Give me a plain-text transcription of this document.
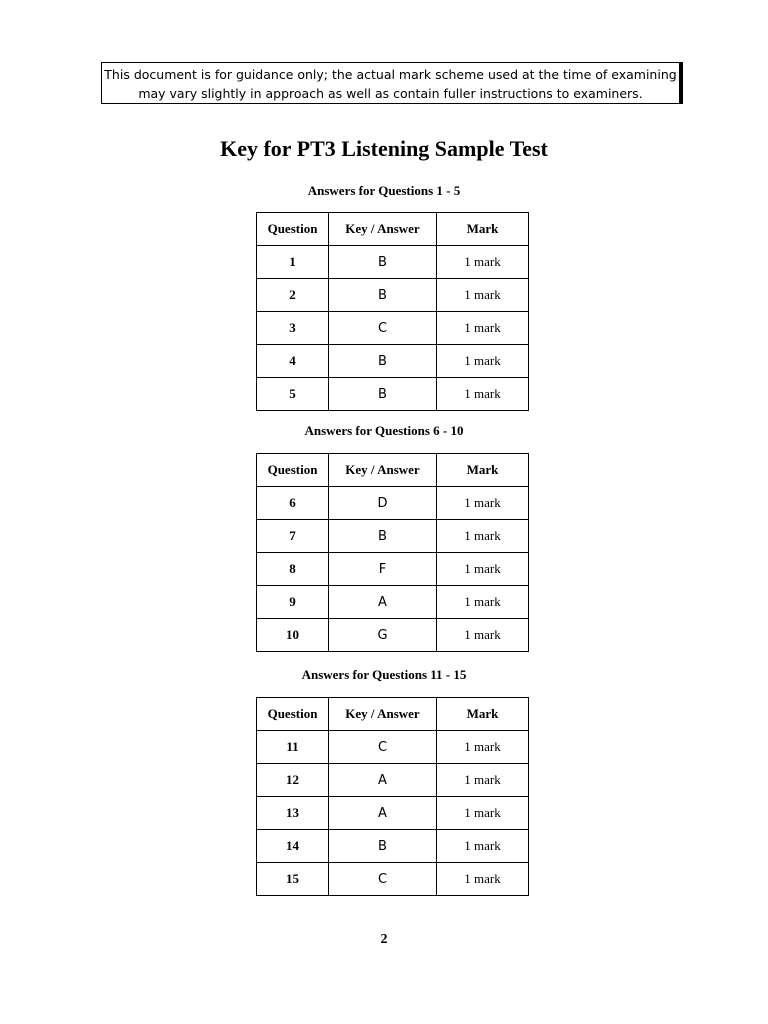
This document is for guidance only; the actual mark scheme used at the time of examining
may vary slightly in approach as well as contain fuller instructions to examiners.
Key for PT3 Listening Sample Test
Answers for Questions 1 - 5
Question	Key / Answer	Mark
1	B	1 mark
2	B	1 mark
3	C	1 mark
4	B	1 mark
5	B	1 mark
Answers for Questions 6 - 10
Question	Key / Answer	Mark
6	D	1 mark
7	B	1 mark
8	F	1 mark
9	A	1 mark
10	G	1 mark
Answers for Questions 11 - 15
Question	Key / Answer	Mark
11	C	1 mark
12	A	1 mark
13	A	1 mark
14	B	1 mark
15	C	1 mark
2
